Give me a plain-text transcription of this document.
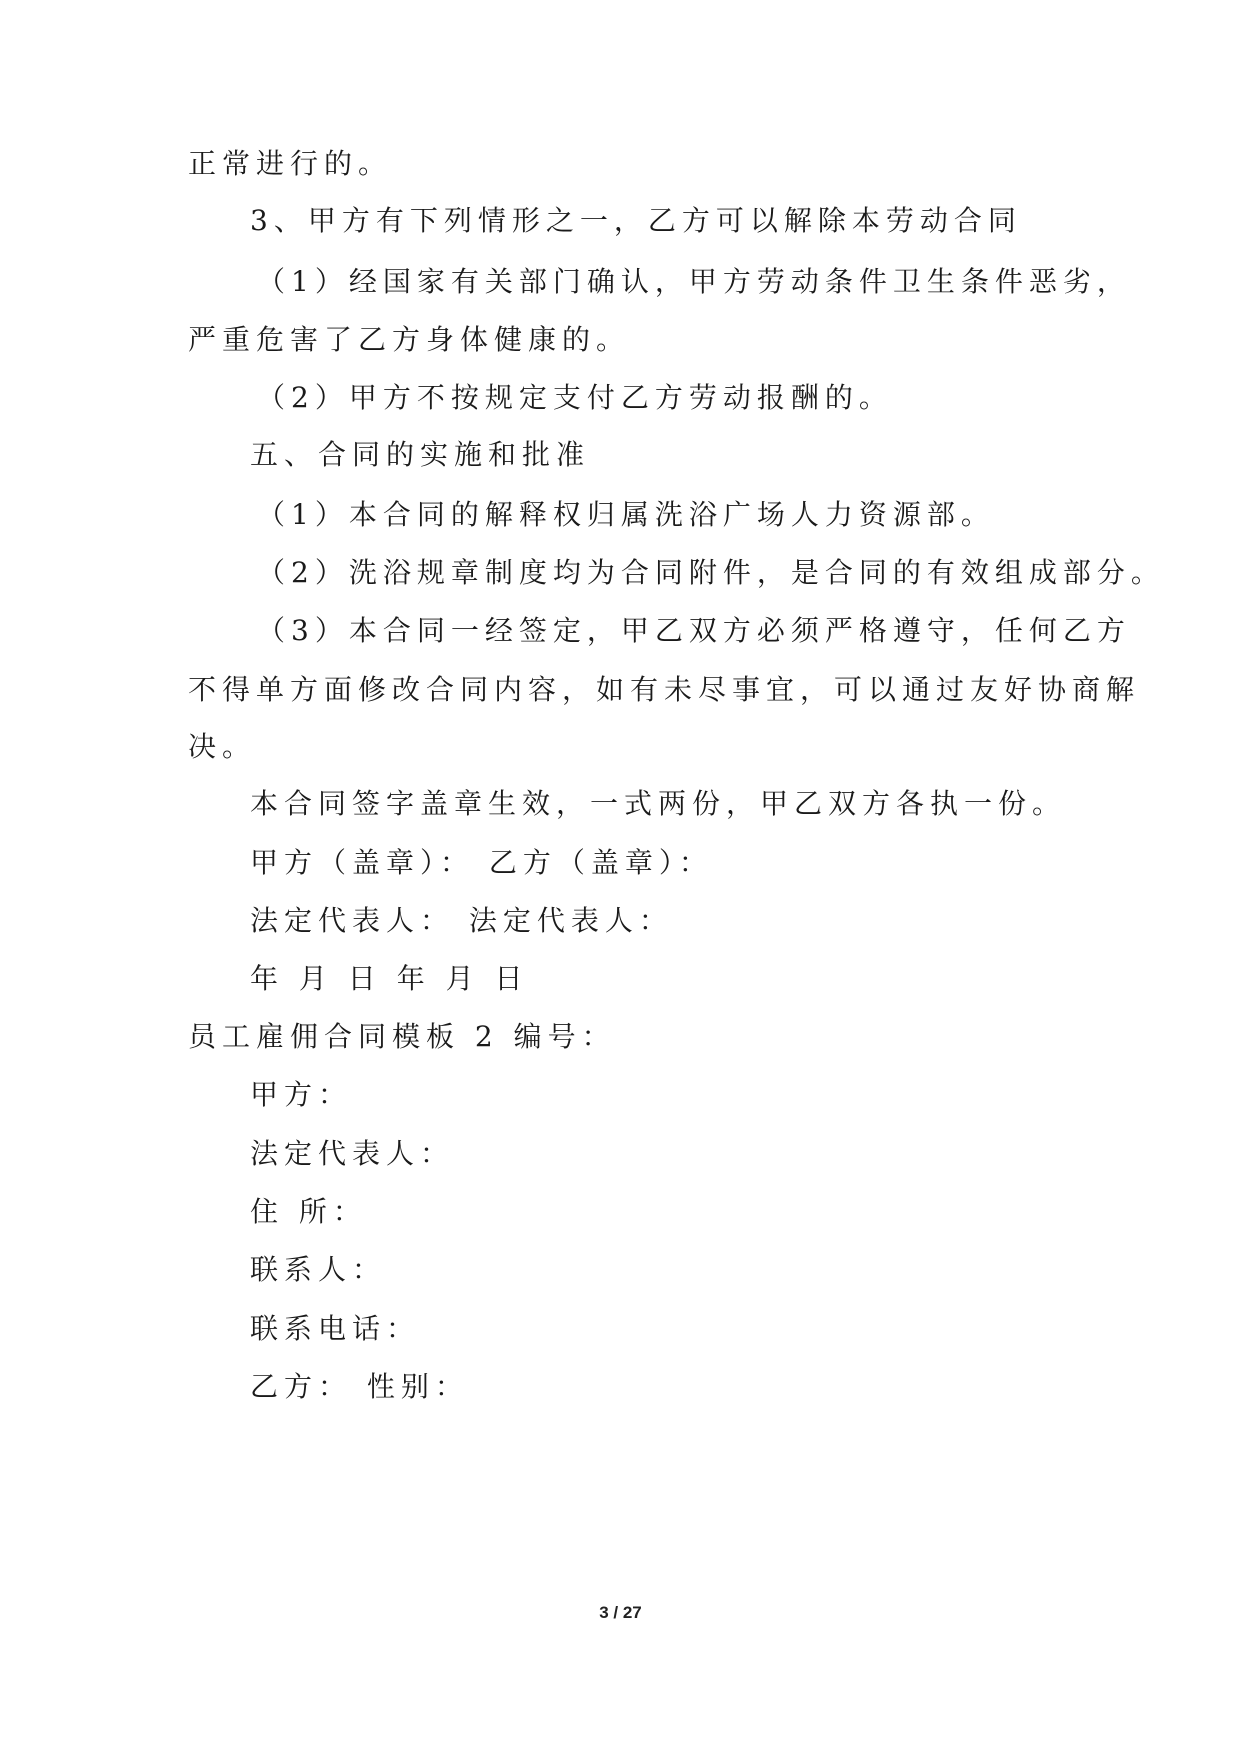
正常进行的。
3、甲方有下列情形之一，乙方可以解除本劳动合同
（1）经国家有关部门确认，甲方劳动条件卫生条件恶劣，
严重危害了乙方身体健康的。
（2）甲方不按规定支付乙方劳动报酬的。
五、合同的实施和批准
（1）本合同的解释权归属洗浴广场人力资源部。
（2）洗浴规章制度均为合同附件，是合同的有效组成部分。
（3）本合同一经签定，甲乙双方必须严格遵守，任何乙方
不得单方面修改合同内容，如有未尽事宜，可以通过友好协商解
决。
本合同签字盖章生效，一式两份，甲乙双方各执一份。
甲方（盖章）： 乙方（盖章）：
法定代表人： 法定代表人：
年 月 日 年 月 日
员工雇佣合同模板 2 编号：
甲方：
法定代表人：
住 所：
联系人：
联系电话：
乙方： 性别：
3 / 27
